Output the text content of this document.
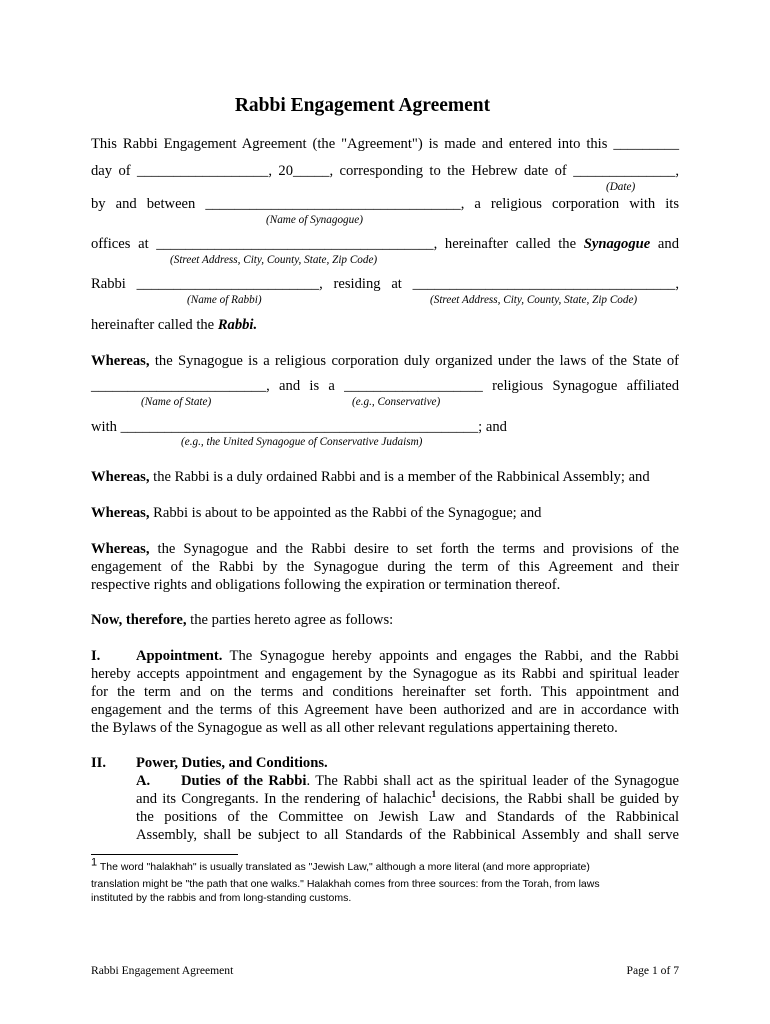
Rabbi Engagement Agreement
This Rabbi Engagement Agreement (the "Agreement") is made and entered into this _________
day of __________________, 20_____, corresponding to the Hebrew date of ______________,
(Date)
by and between ___________________________________, a religious corporation with its
(Name of Synagogue)
offices at ______________________________________, hereinafter called the Synagogue and
(Street Address, City, County, State, Zip Code)
Rabbi _________________________, residing at ____________________________________,
(Name of Rabbi)	(Street Address, City, County, State, Zip Code)
hereinafter called the Rabbi.
Whereas, the Synagogue is a religious corporation duly organized under the laws of the State of
________________________, and is a ___________________ religious Synagogue affiliated
(Name of State)	(e.g., Conservative)
with _________________________________________________; and
(e.g., the United Synagogue of Conservative Judaism)
Whereas, the Rabbi is a duly ordained Rabbi and is a member of the Rabbinical Assembly; and
Whereas, Rabbi is about to be appointed as the Rabbi of the Synagogue; and
Whereas, the Synagogue and the Rabbi desire to set forth the terms and provisions of the
engagement of the Rabbi by the Synagogue during the term of this Agreement and their
respective rights and obligations following the expiration or termination thereof.
Now, therefore, the parties hereto agree as follows:
I. Appointment. The Synagogue hereby appoints and engages the Rabbi, and the Rabbi
hereby accepts appointment and engagement by the Synagogue as its Rabbi and spiritual leader
for the term and on the terms and conditions hereinafter set forth. This appointment and
engagement and the terms of this Agreement have been authorized and are in accordance with
the Bylaws of the Synagogue as well as all other relevant regulations appertaining thereto.
II. Power, Duties, and Conditions.
A. Duties of the Rabbi. The Rabbi shall act as the spiritual leader of the Synagogue
and its Congregants. In the rendering of halachic$^1$ decisions, the Rabbi shall be guided by
the positions of the Committee on Jewish Law and Standards of the Rabbinical
Assembly, shall be subject to all Standards of the Rabbinical Assembly and shall serve
$^1$ The word "halakhah" is usually translated as "Jewish Law," although a more literal (and more appropriate)
translation might be "the path that one walks." Halakhah comes from three sources: from the Torah, from laws
instituted by the rabbis and from long-standing customs.
Rabbi Engagement Agreement	Page 1 of 7
